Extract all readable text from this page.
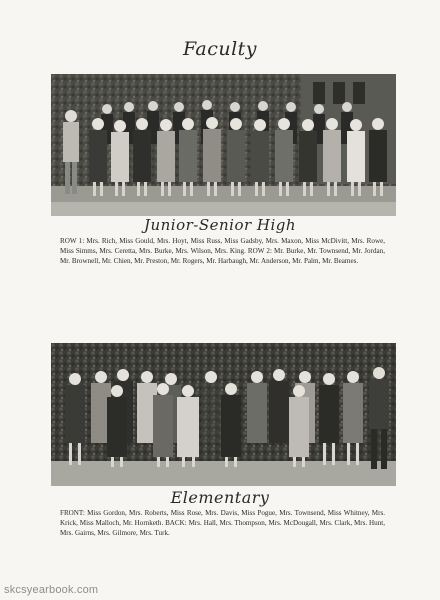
Faculty
Junior-Senior High
ROW 1: Mrs. Rich, Miss Gould, Mrs. Hoyt, Miss Russ, Miss Gadsby, Mrs. Maxon, Miss McDivitt, Mrs. Rowe, Miss Simms, Mrs. Ceretta, Mrs. Burke, Mrs. Wilson, Mrs. King. ROW 2: Mr. Burke, Mr. Townsend, Mr. Jordan, Mr. Brownell, Mr. Chien, Mr. Preston, Mr. Rogers, Mr. Harbaugh, Mr. Anderson, Mr. Palm, Mr. Beames.
Elementary
FRONT: Miss Gordon, Mrs. Roberts, Miss Rose, Mrs. Davis, Miss Pogue, Mrs. Townsend, Miss Whitney, Mrs. Krick, Miss Malloch, Mr. Hornketh. BACK: Mrs. Hall, Mrs. Thompson, Mrs. McDougall, Mrs. Clark, Mrs. Hunt, Mrs. Gairns, Mrs. Gilmore, Mrs. Turk.
skcsyearbook.com
